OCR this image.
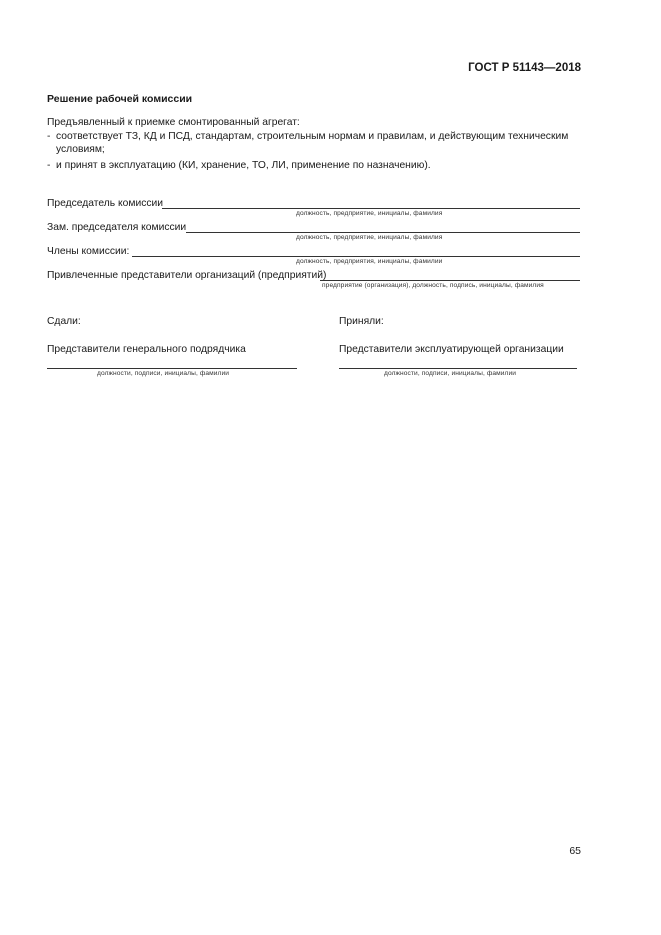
ГОСТ Р 51143—2018
Решение рабочей комиссии
Предъявленный к приемке смонтированный агрегат:
- соответствует ТЗ, КД и ПСД, стандартам, строительным нормам и правилам, и действующим техническим условиям;
- и принят в эксплуатацию (КИ, хранение, ТО, ЛИ, применение по назначению).
Председатель комиссии
должность, предприятие, инициалы, фамилия
Зам. председателя комиссии
должность, предприятие, инициалы, фамилия
Члены комиссии:
должность, предприятия, инициалы, фамилии
Привлеченные представители организаций (предприятий)
предприятие (организация), должность, подпись, инициалы, фамилия
Сдали:
Представители генерального подрядчика
должности, подписи, инициалы, фамилии
Приняли:
Представители эксплуатирующей организации
должности, подписи, инициалы, фамилии
65
